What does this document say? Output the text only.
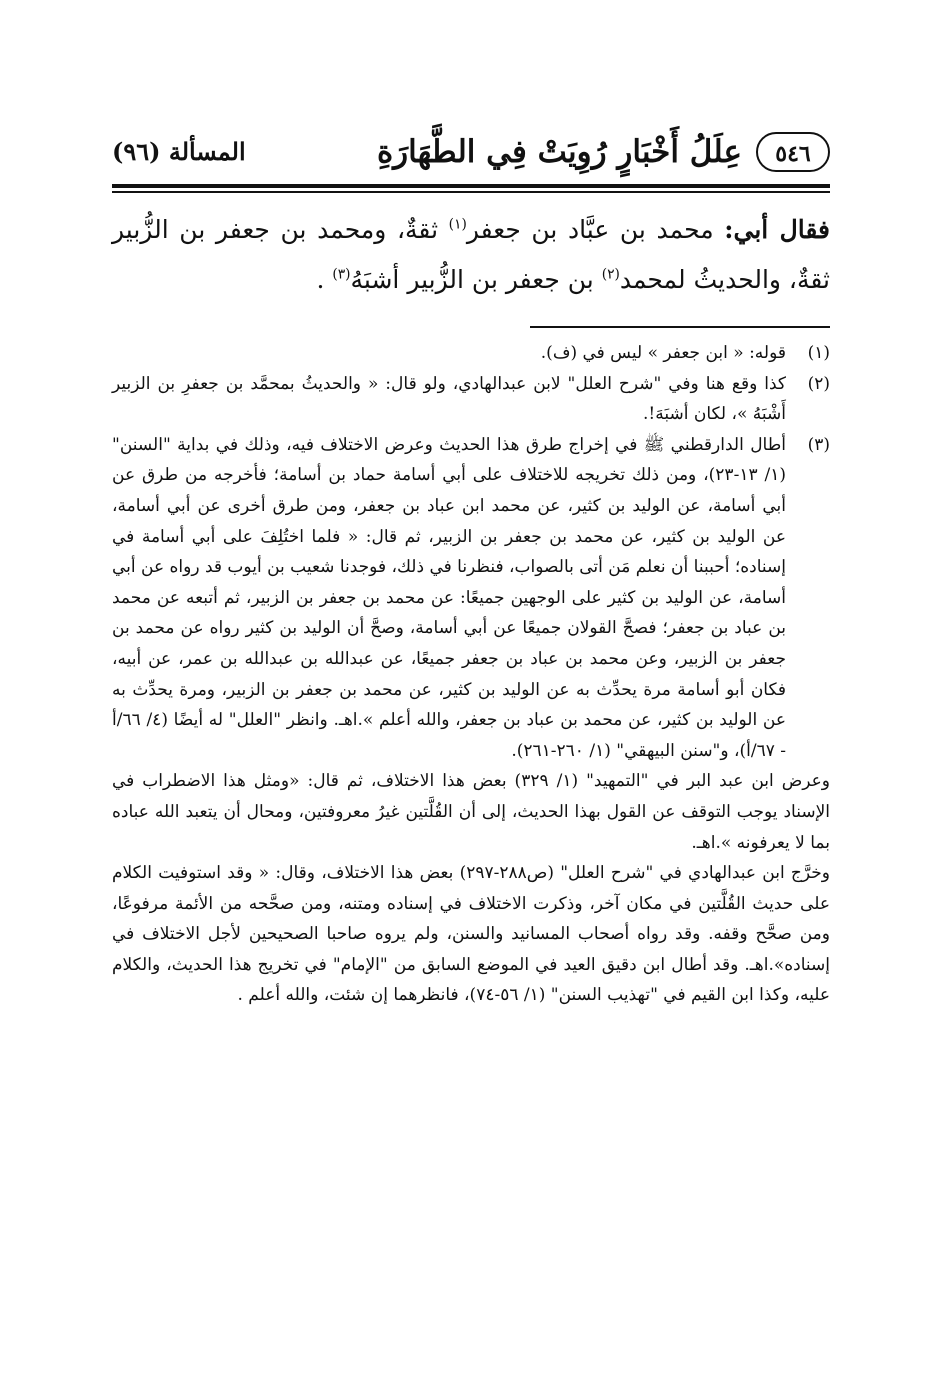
٥٤٦
عِلَلُ أَخْبَارٍ رُوِيَتْ فِي الطَّهَارَةِ
المسألة (٩٦)

فقال أبي: محمد بن عبَّاد بن جعفر$^{(١)}$ ثقةٌ، ومحمد بن جعفر بن الزُّبير ثقةٌ، والحديثُ لمحمد$^{(٢)}$ بن جعفر بن الزُّبير أشبَهُ$^{(٣)}$ .

(١)

قوله: « ابن جعفر » ليس في (ف).

(٢)

كذا وقع هنا وفي "شرح العلل" لابن عبدالهادي، ولو قال: « والحديثُ بمحمَّد بن جعفرِ بن الزبير أَشْبَهُ »، لكان أشبَهَ!.

(٣)

أطال الدارقطني ﷺ في إخراج طرق هذا الحديث وعرض الاختلاف فيه، وذلك في بداية "السنن" (١/ ١٣-٢٣)، ومن ذلك تخريجه للاختلاف على أبي أسامة حماد بن أسامة؛ فأخرجه من طرق عن أبي أسامة، عن الوليد بن كثير، عن محمد ابن عباد بن جعفر، ومن طرق أخرى عن أبي أسامة، عن الوليد بن كثير، عن محمد بن جعفر بن الزبير، ثم قال: « فلما اختُلِفَ على أبي أسامة في إسناده؛ أحببنا أن نعلم مَن أتى بالصواب، فنظرنا في ذلك، فوجدنا شعيب بن أيوب قد رواه عن أبي أسامة، عن الوليد بن كثير على الوجهين جميعًا: عن محمد بن جعفر بن الزبير، ثم أتبعه عن محمد بن عباد بن جعفر؛ فصحَّ القولان جميعًا عن أبي أسامة، وصحَّ أن الوليد بن كثير رواه عن محمد بن جعفر بن الزبير، وعن محمد بن عباد بن جعفر جميعًا، عن عبدالله بن عبدالله بن عمر، عن أبيه، فكان أبو أسامة مرة يحدِّث به عن الوليد بن كثير، عن محمد بن جعفر بن الزبير، ومرة يحدِّث به عن الوليد بن كثير، عن محمد بن عباد بن جعفر، والله أعلم ».اهـ. وانظر "العلل" له أيضًا (٤/ ٦٦/أ - ٦٧/أ)، و"سنن البيهقي" (١/ ٢٦٠-٢٦١).

وعرض ابن عبد البر في "التمهيد" (١/ ٣٢٩) بعض هذا الاختلاف، ثم قال: «ومثل هذا الاضطراب في الإسناد يوجب التوقف عن القول بهذا الحديث، إلى أن القُلَّتين غيرُ معروفتين، ومحال أن يتعبد الله عباده بما لا يعرفونه ».اهـ.

وخرَّج ابن عبدالهادي في "شرح العلل" (ص٢٨٨-٢٩٧) بعض هذا الاختلاف، وقال: « وقد استوفيت الكلام على حديث القُلَّتين في مكان آخر، وذكرت الاختلاف في إسناده ومتنه، ومن صحَّحه من الأئمة مرفوعًا، ومن صحَّح وقفه. وقد رواه أصحاب المسانيد والسنن، ولم يروه صاحبا الصحيحين لأجل الاختلاف في إسناده».اهـ. وقد أطال ابن دقيق العيد في الموضع السابق من "الإمام" في تخريج هذا الحديث، والكلام عليه، وكذا ابن القيم في "تهذيب السنن" (١/ ٥٦-٧٤)، فانظرهما إن شئت، والله أعلم .
